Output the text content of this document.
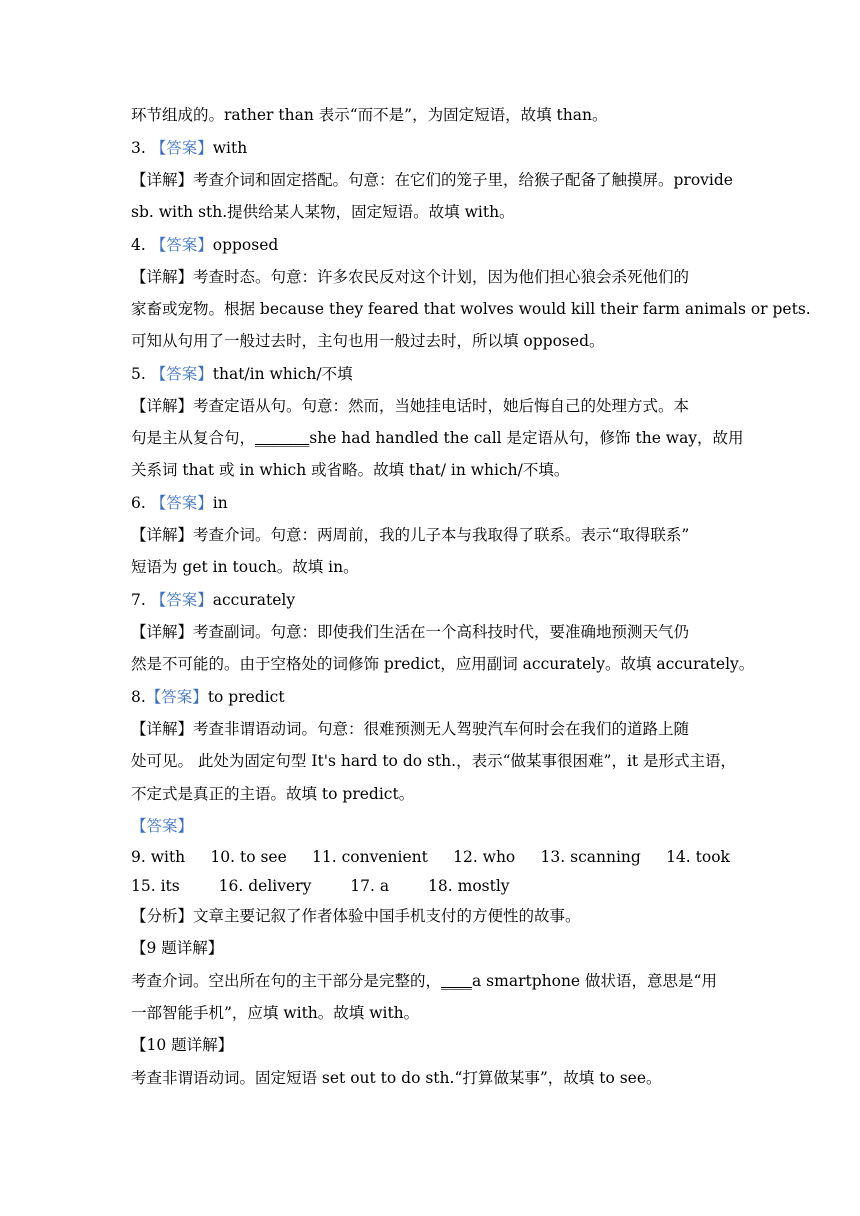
环节组成的。rather than 表示“而不是”，为固定短语，故填 than。
3. 【答案】with
【详解】考查介词和固定搭配。句意：在它们的笼子里，给猴子配备了触摸屏。provide
sb. with sth.提供给某人某物，固定短语。故填 with。
4. 【答案】opposed
【详解】考查时态。句意：许多农民反对这个计划，因为他们担心狼会杀死他们的
家畜或宠物。根据 because they feared that wolves would kill their farm animals or pets.
可知从句用了一般过去时，主句也用一般过去时，所以填 opposed。
5. 【答案】that/in which/不填
【详解】考查定语从句。句意：然而，当她挂电话时，她后悔自己的处理方式。本
句是主从复合句，_______she had handled the call 是定语从句，修饰 the way，故用
关系词 that 或 in which 或省略。故填 that/ in which/不填。
6. 【答案】in
【详解】考查介词。句意：两周前，我的儿子本与我取得了联系。表示“取得联系”
短语为 get in touch。故填 in。
7. 【答案】accurately
【详解】考查副词。句意：即使我们生活在一个高科技时代，要准确地预测天气仍
然是不可能的。由于空格处的词修饰 predict，应用副词 accurately。故填 accurately。
8.【答案】to predict
【详解】考查非谓语动词。句意：很难预测无人驾驶汽车何时会在我们的道路上随
处可见。 此处为固定句型 It's hard to do sth.，表示“做某事很困难”，it 是形式主语，
不定式是真正的主语。故填 to predict。
【答案】
9. with 10. to see 11. convenient 12. who 13. scanning 14. took
15. its	16. delivery	17. a	18. mostly
【分析】文章主要记叙了作者体验中国手机支付的方便性的故事。
【9 题详解】
考查介词。空出所在句的主干部分是完整的，____a smartphone 做状语，意思是“用
一部智能手机”，应填 with。故填 with。
【10 题详解】
考查非谓语动词。固定短语 set out to do sth.“打算做某事”，故填 to see。
